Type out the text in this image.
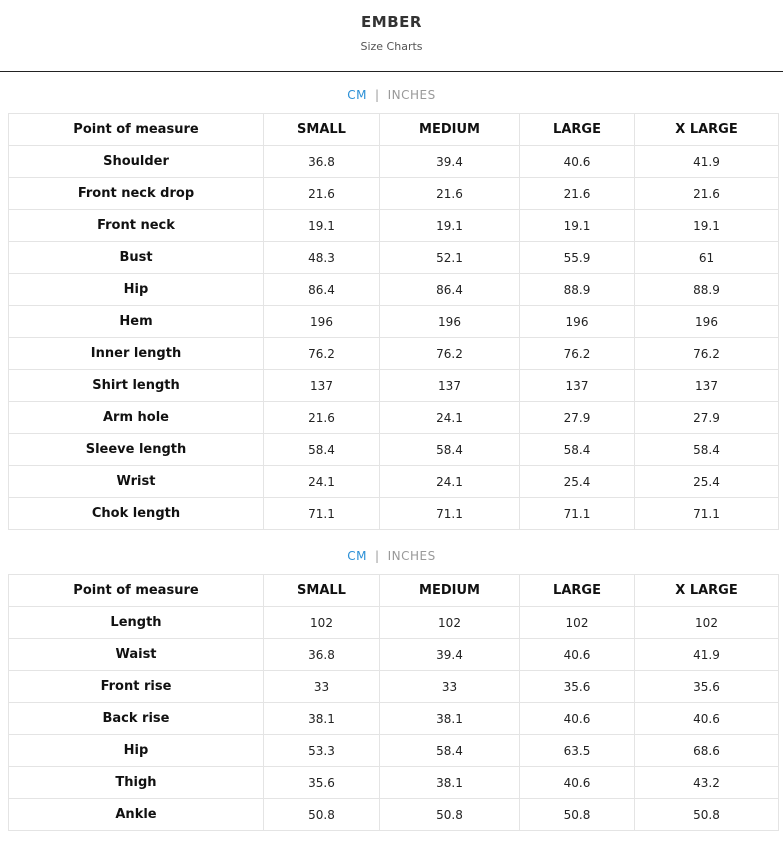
EMBER
Size Charts
CM | INCHES
Point of measure	SMALL	MEDIUM	LARGE	X LARGE
Shoulder	36.8	39.4	40.6	41.9
Front neck drop	21.6	21.6	21.6	21.6
Front neck	19.1	19.1	19.1	19.1
Bust	48.3	52.1	55.9	61
Hip	86.4	86.4	88.9	88.9
Hem	196	196	196	196
Inner length	76.2	76.2	76.2	76.2
Shirt length	137	137	137	137
Arm hole	21.6	24.1	27.9	27.9
Sleeve length	58.4	58.4	58.4	58.4
Wrist	24.1	24.1	25.4	25.4
Chok length	71.1	71.1	71.1	71.1
CM | INCHES
Point of measure	SMALL	MEDIUM	LARGE	X LARGE
Length	102	102	102	102
Waist	36.8	39.4	40.6	41.9
Front rise	33	33	35.6	35.6
Back rise	38.1	38.1	40.6	40.6
Hip	53.3	58.4	63.5	68.6
Thigh	35.6	38.1	40.6	43.2
Ankle	50.8	50.8	50.8	50.8
